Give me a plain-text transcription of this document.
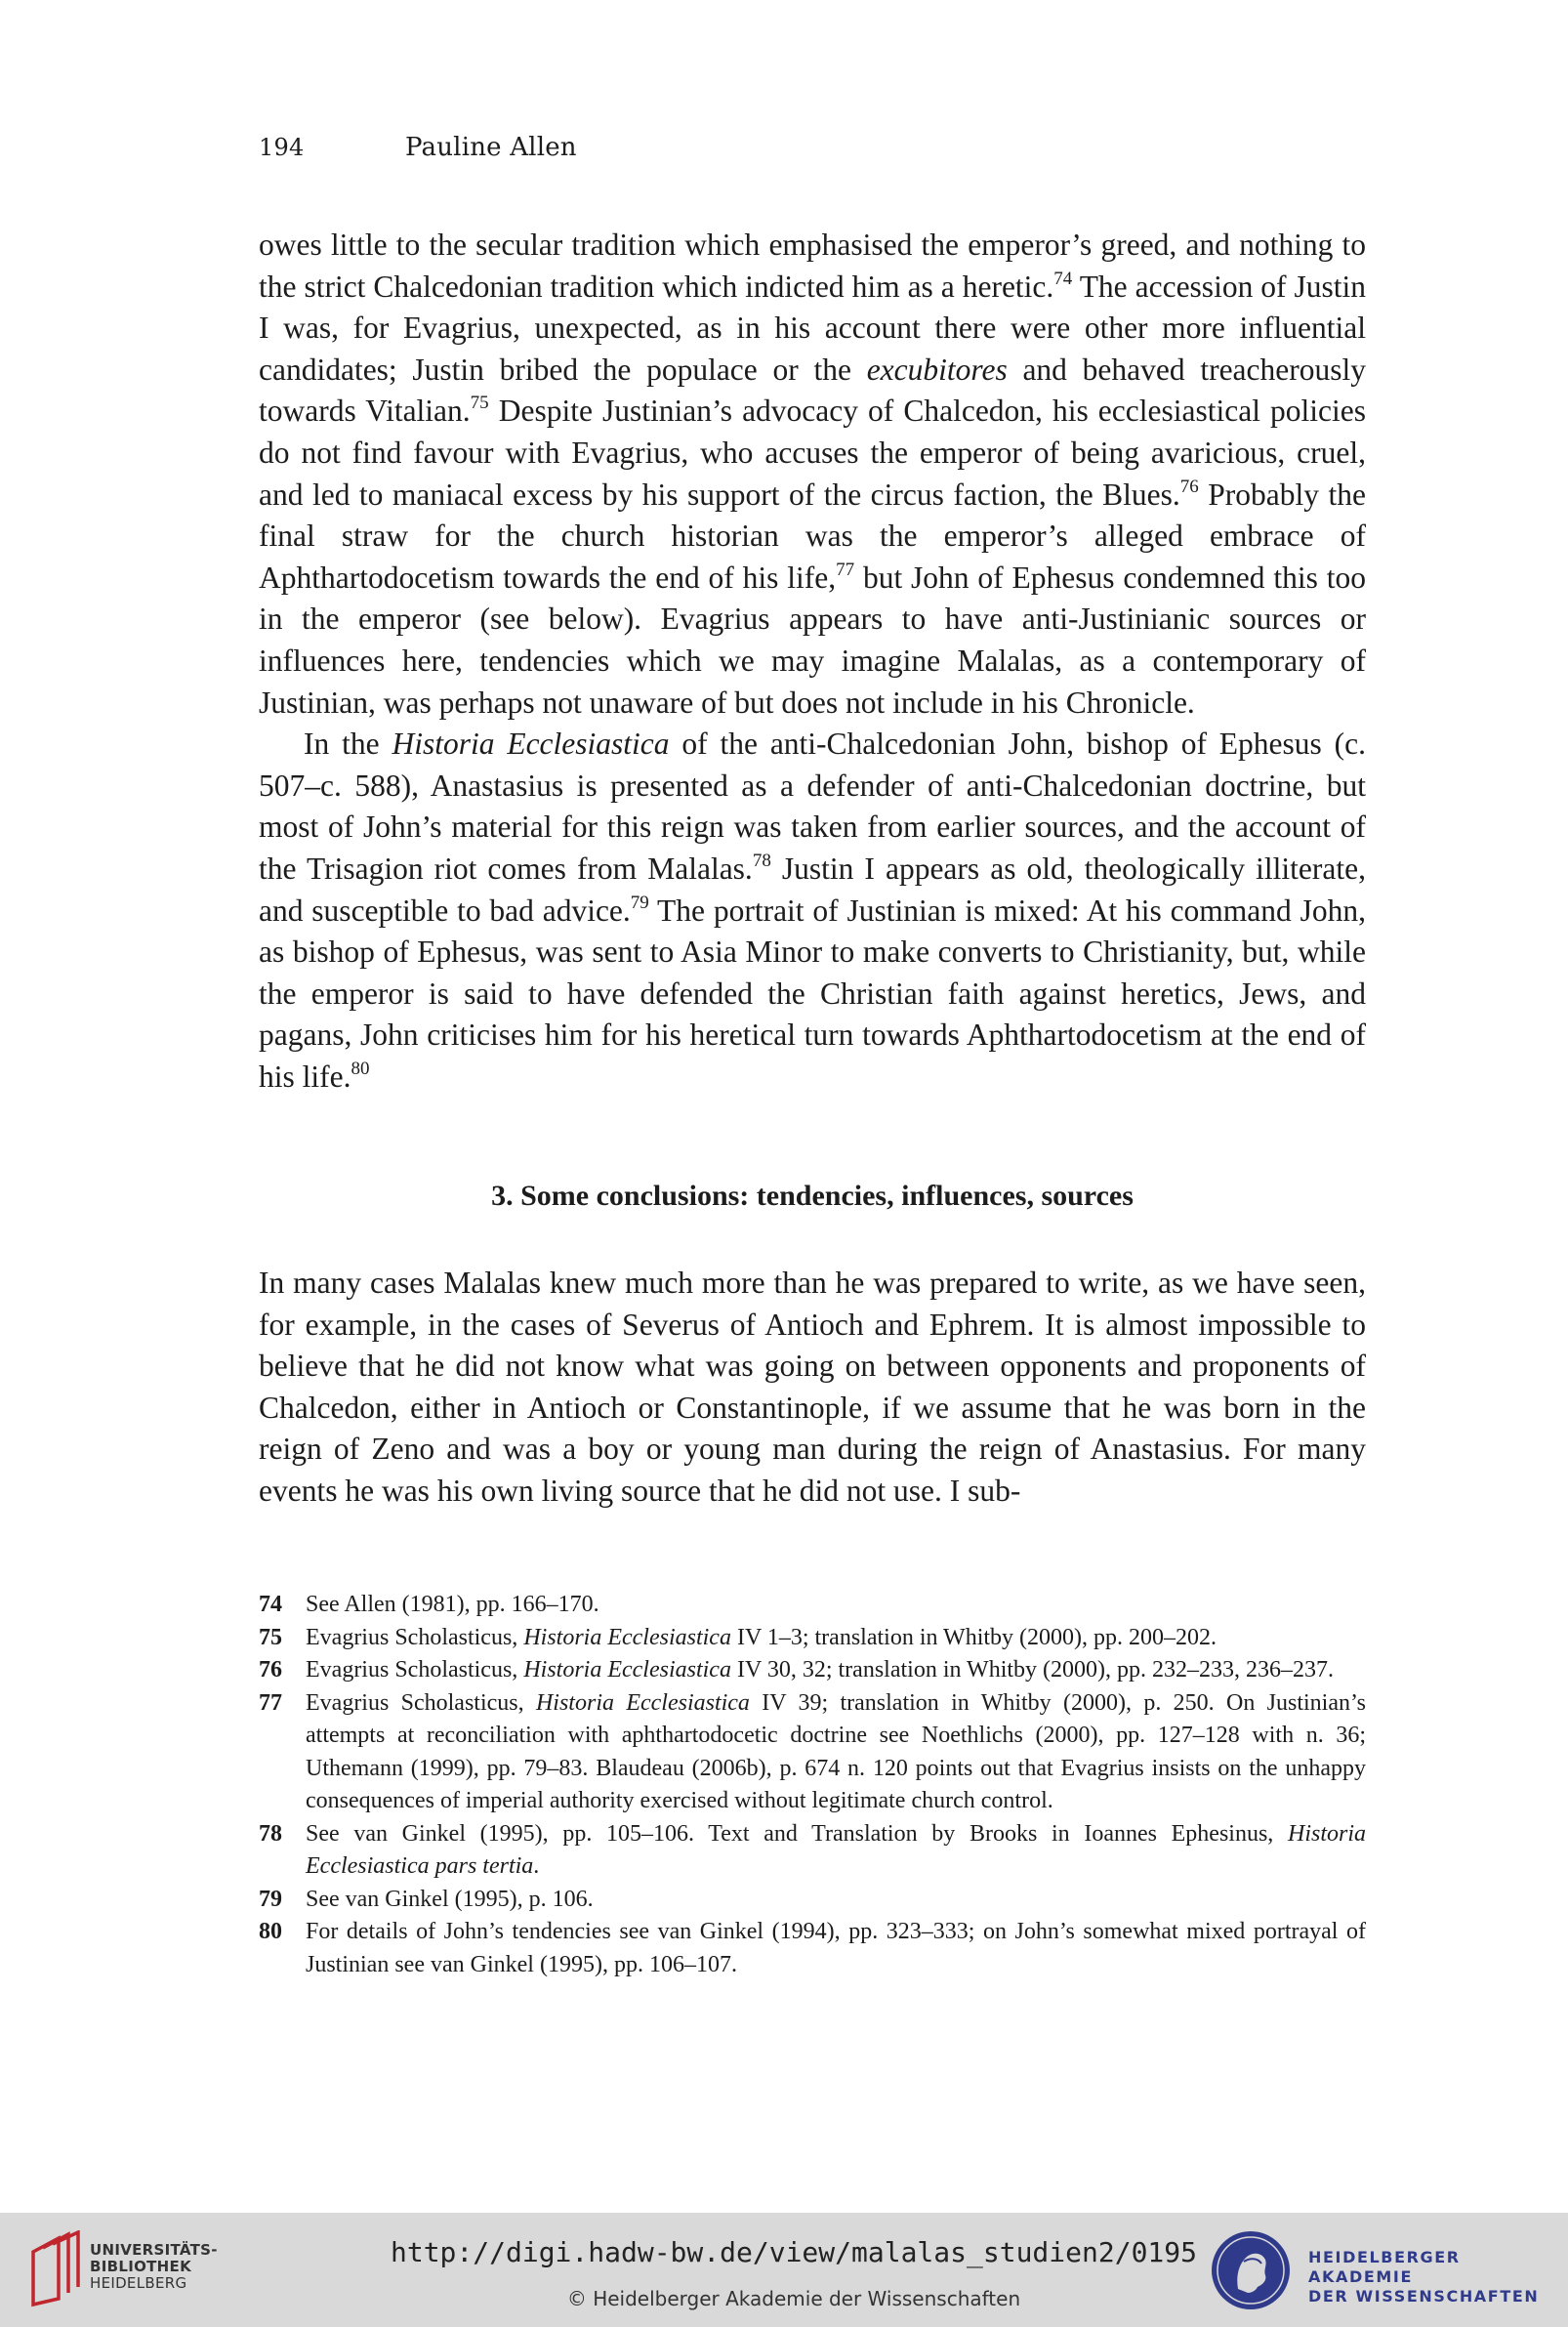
194	Pauline Allen

owes little to the secular tradition which emphasised the emperor’s greed, and nothing to the strict Chalcedonian tradition which indicted him as a heretic.$^{74}$ The accession of Justin I was, for Evagrius, unexpected, as in his account there were other more influential candidates; Justin bribed the populace or the excubitores and behaved treacherously towards Vitalian.$^{75}$ Despite Justinian’s advocacy of Chalcedon, his ecclesiastical policies do not find favour with Evagrius, who accuses the emperor of being avaricious, cruel, and led to maniacal excess by his support of the circus faction, the Blues.$^{76}$ Probably the final straw for the church historian was the emperor’s alleged embrace of Aphthartodocetism towards the end of his life,$^{77}$ but John of Ephesus condemned this too in the emperor (see below). Evagrius appears to have anti-Justinianic sources or influences here, tendencies which we may imagine Malalas, as a contemporary of Justinian, was perhaps not unaware of but does not include in his Chronicle.

In the Historia Ecclesiastica of the anti-Chalcedonian John, bishop of Ephesus (c. 507–c. 588), Anastasius is presented as a defender of anti-Chalcedonian doctrine, but most of John’s material for this reign was taken from earlier sources, and the account of the Trisagion riot comes from Malalas.$^{78}$ Justin I appears as old, theologically illiterate, and susceptible to bad advice.$^{79}$ The portrait of Justinian is mixed: At his command John, as bishop of Ephesus, was sent to Asia Minor to make converts to Christianity, but, while the emperor is said to have defended the Christian faith against heretics, Jews, and pagans, John criticises him for his heretical turn towards Aphthartodocetism at the end of his life.$^{80}$

3. Some conclusions: tendencies, influences, sources

In many cases Malalas knew much more than he was prepared to write, as we have seen, for example, in the cases of Severus of Antioch and Ephrem. It is almost impossible to believe that he did not know what was going on between opponents and proponents of Chalcedon, either in Antioch or Constantinople, if we assume that he was born in the reign of Zeno and was a boy or young man during the reign of Anastasius. For many events he was his own living source that he did not use. I sub-

74 See Allen (1981), pp. 166–170.
75 Evagrius Scholasticus, Historia Ecclesiastica IV 1–3; translation in Whitby (2000), pp. 200–202.
76 Evagrius Scholasticus, Historia Ecclesiastica IV 30, 32; translation in Whitby (2000), pp. 232–233, 236–237.
77 Evagrius Scholasticus, Historia Ecclesiastica IV 39; translation in Whitby (2000), p. 250. On Justinian’s attempts at reconciliation with aphthartodocetic doctrine see Noethlichs (2000), pp. 127–128 with n. 36; Uthemann (1999), pp. 79–83. Blaudeau (2006b), p. 674 n. 120 points out that Evagrius insists on the unhappy consequences of imperial authority exercised without legitimate church control.
78 See van Ginkel (1995), pp. 105–106. Text and Translation by Brooks in Ioannes Ephesinus, Historia Ecclesiastica pars tertia.
79 See van Ginkel (1995), p. 106.
80 For details of John’s tendencies see van Ginkel (1994), pp. 323–333; on John’s somewhat mixed portrayal of Justinian see van Ginkel (1995), pp. 106–107.
UNIVERSITÄTS-
BIBLIOTHEK
HEIDELBERG
http://digi.hadw-bw.de/view/malalas_studien2/0195
© Heidelberger Akademie der Wissenschaften
HEIDELBERGER AKADEMIE
DER WISSENSCHAFTEN
